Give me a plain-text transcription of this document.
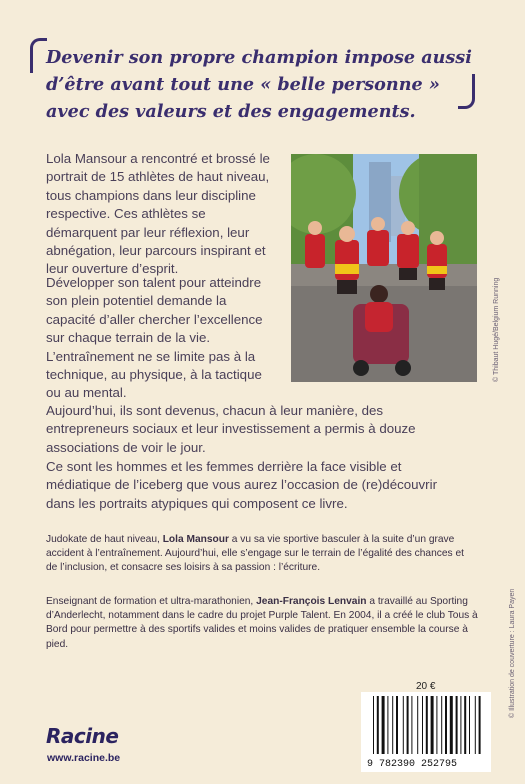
Devenir son propre champion impose aussi d’être avant tout une « belle personne » avec des valeurs et des engagements.

Lola Mansour a rencontré et brossé le portrait de 15 athlètes de haut niveau, tous champions dans leur discipline respective. Ces athlètes se démarquent par leur réflexion, leur abnégation, leur parcours inspirant et leur ouverture d’esprit.

Développer son talent pour atteindre son plein potentiel demande la capacité d’aller chercher l’excellence sur chaque terrain de la vie. L’entraînement ne se limite pas à la technique, au physique, à la tactique ou au mental.

© Thibaut Hugé/Belgium Running

Aujourd’hui, ils sont devenus, chacun à leur manière, des entrepreneurs sociaux et leur investissement a permis à douze associations de voir le jour.

Ce sont les hommes et les femmes derrière la face visible et médiatique de l’iceberg que vous aurez l’occasion de (re)découvrir dans les portraits atypiques qui composent ce livre.

Judokate de haut niveau, Lola Mansour a vu sa vie sportive basculer à la suite d’un grave accident à l’entraînement. Aujourd’hui, elle s’engage sur le terrain de l’égalité des chances et de l’inclusion, et consacre ses loisirs à sa passion : l’écriture.

Enseignant de formation et ultra-marathonien, Jean-François Lenvain a travaillé au Sporting d’Anderlecht, notamment dans le cadre du projet Purple Talent. En 2004, il a créé le club Tous à Bord pour permettre à des sportifs valides et moins valides de pratiquer ensemble la course à pied.	© Illustration de couverture : Laura Payen
20 €
9 782390 252795
Racine
www.racine.be
